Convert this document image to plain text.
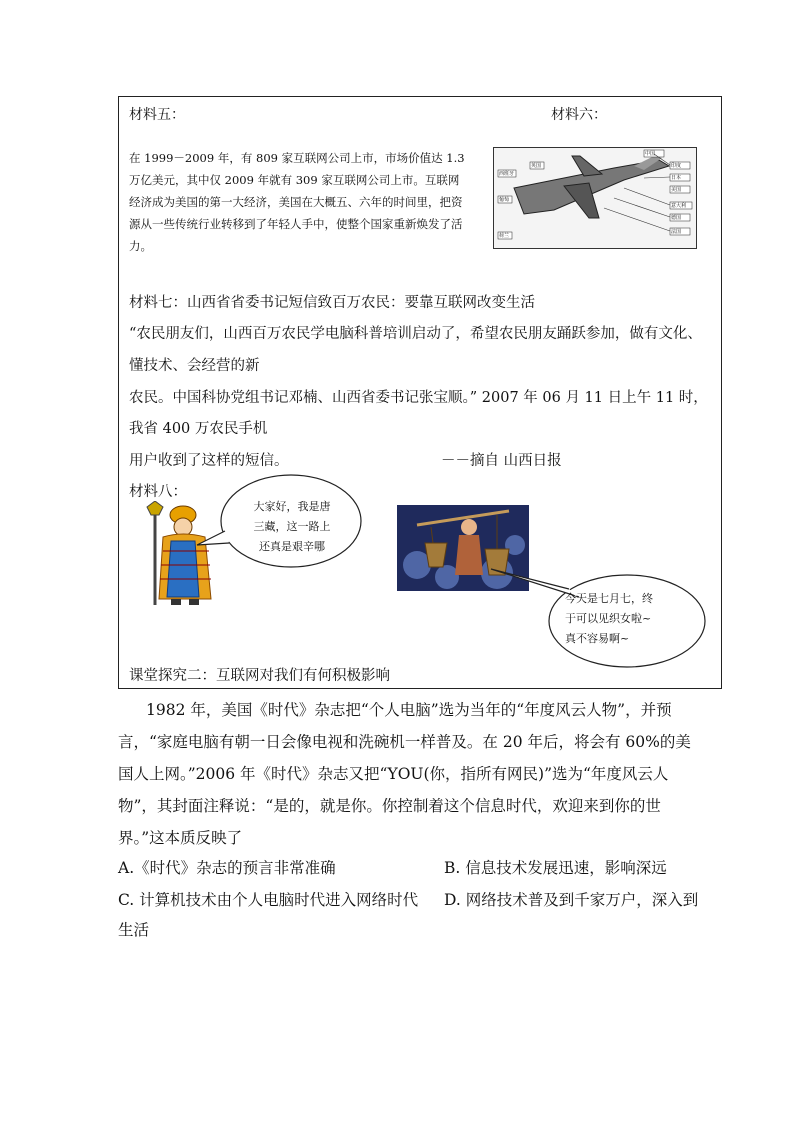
材料五：
在 1999－2009 年，有 809 家互联网公司上市，市场价值达 1.3 万亿美元，其中仅 2009 年就有 309 家互联网公司上市。互联网经济成为美国的第一大经济，美国在大概五、六年的时间里，把资源从一些传统行业转移到了年轻人手中，使整个国家重新焕发了活力。
材料六：
西班牙
葡萄
荷兰
英国
中国
印度
日本
美国
意大利
德国
法国
材料七：山西省省委书记短信致百万农民：要靠互联网改变生活
“农民朋友们，山西百万农民学电脑科普培训启动了，希望农民朋友踊跃参加，做有文化、
懂技术、会经营的新
农民。中国科协党组书记邓楠、山西省委书记张宝顺。” 2007 年 06 月 11 日上午 11 时，
我省 400 万农民手机
用户收到了这样的短信。	－－摘自 山西日报
材料八：
大家好，我是唐
三藏，这一路上
还真是艰辛哪
今天是七月七，终
于可以见织女啦~
真不容易啊~
课堂探究二：互联网对我们有何积极影响
1982 年，美国《时代》杂志把“个人电脑”选为当年的“年度风云人物”，并预
言，“家庭电脑有朝一日会像电视和洗碗机一样普及。在 20 年后，将会有 60%的美
国人上网。”2006 年《时代》杂志又把“YOU(你，指所有网民)”选为“年度风云人
物”，其封面注释说：“是的，就是你。你控制着这个信息时代，欢迎来到你的世
界。”这本质反映了
A.《时代》杂志的预言非常准确	B. 信息技术发展迅速，影响深远
C. 计算机技术由个人电脑时代进入网络时代 D. 网络技术普及到千家万户，深入到
生活
